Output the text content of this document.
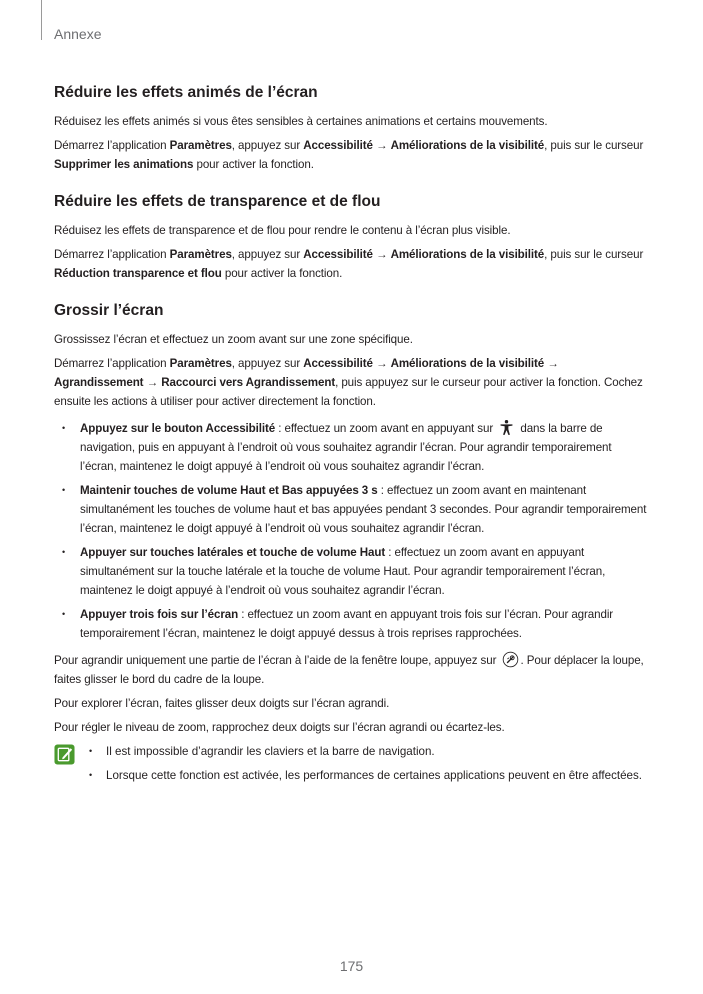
Annexe
Réduire les effets animés de l’écran

Réduisez les effets animés si vous êtes sensibles à certaines animations et certains mouvements.

Démarrez l’application Paramètres, appuyez sur Accessibilité → Améliorations de la visibilité, puis sur le curseur Supprimer les animations pour activer la fonction.

Réduire les effets de transparence et de flou

Réduisez les effets de transparence et de flou pour rendre le contenu à l’écran plus visible.

Démarrez l’application Paramètres, appuyez sur Accessibilité → Améliorations de la visibilité, puis sur le curseur Réduction transparence et flou pour activer la fonction.

Grossir l’écran

Grossissez l’écran et effectuez un zoom avant sur une zone spécifique.

Démarrez l’application Paramètres, appuyez sur Accessibilité → Améliorations de la visibilité → Agrandissement → Raccourci vers Agrandissement, puis appuyez sur le curseur pour activer la fonction. Cochez ensuite les actions à utiliser pour activer directement la fonction.

• Appuyez sur le bouton Accessibilité : effectuez un zoom avant en appuyant sur  dans la barre de navigation, puis en appuyant à l’endroit où vous souhaitez agrandir l’écran. Pour agrandir temporairement l’écran, maintenez le doigt appuyé à l’endroit où vous souhaitez agrandir l’écran.
• Maintenir touches de volume Haut et Bas appuyées 3 s : effectuez un zoom avant en maintenant simultanément les touches de volume haut et bas appuyées pendant 3 secondes. Pour agrandir temporairement l’écran, maintenez le doigt appuyé à l’endroit où vous souhaitez agrandir l’écran.
• Appuyer sur touches latérales et touche de volume Haut : effectuez un zoom avant en appuyant simultanément sur la touche latérale et la touche de volume Haut. Pour agrandir temporairement l’écran, maintenez le doigt appuyé à l’endroit où vous souhaitez agrandir l’écran.
• Appuyer trois fois sur l’écran : effectuez un zoom avant en appuyant trois fois sur l’écran. Pour agrandir temporairement l’écran, maintenez le doigt appuyé dessus à trois reprises rapprochées.

Pour agrandir uniquement une partie de l’écran à l’aide de la fenêtre loupe, appuyez sur . Pour déplacer la loupe, faites glisser le bord du cadre de la loupe.

Pour explorer l’écran, faites glisser deux doigts sur l’écran agrandi.

Pour régler le niveau de zoom, rapprochez deux doigts sur l’écran agrandi ou écartez-les.

• Il est impossible d’agrandir les claviers et la barre de navigation.
• Lorsque cette fonction est activée, les performances de certaines applications peuvent en être affectées.
175
